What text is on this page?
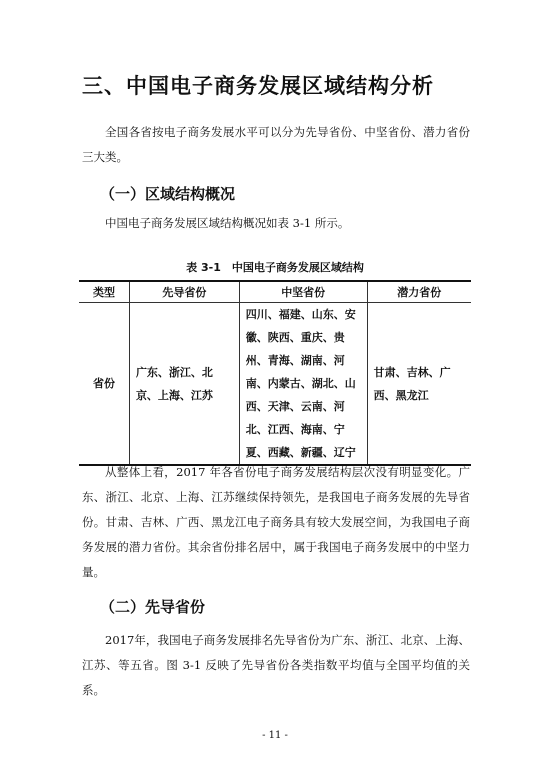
三、中国电子商务发展区域结构分析

全国各省按电子商务发展水平可以分为先导省份、中坚省份、潜力省份三大类。

（一）区域结构概况

中国电子商务发展区域结构概况如表 3-1 所示。

表 3-1　中国电子商务发展区域结构

类型	先导省份	中坚省份	潜力省份
省份	广东、浙江、北京、上海、江苏	四川、福建、山东、安徽、陕西、重庆、贵州、青海、湖南、河南、内蒙古、湖北、山西、天津、云南、河北、江西、海南、宁夏、西藏、新疆、辽宁	甘肃、吉林、广西、黑龙江

从整体上看，2017 年各省份电子商务发展结构层次没有明显变化。广东、浙江、北京、上海、江苏继续保持领先，是我国电子商务发展的先导省份。甘肃、吉林、广西、黑龙江电子商务具有较大发展空间，为我国电子商务发展的潜力省份。其余省份排名居中，属于我国电子商务发展中的中坚力量。

（二）先导省份

2017年，我国电子商务发展排名先导省份为广东、浙江、北京、上海、江苏、等五省。图 3-1 反映了先导省份各类指数平均值与全国平均值的关系。

- 11 -
